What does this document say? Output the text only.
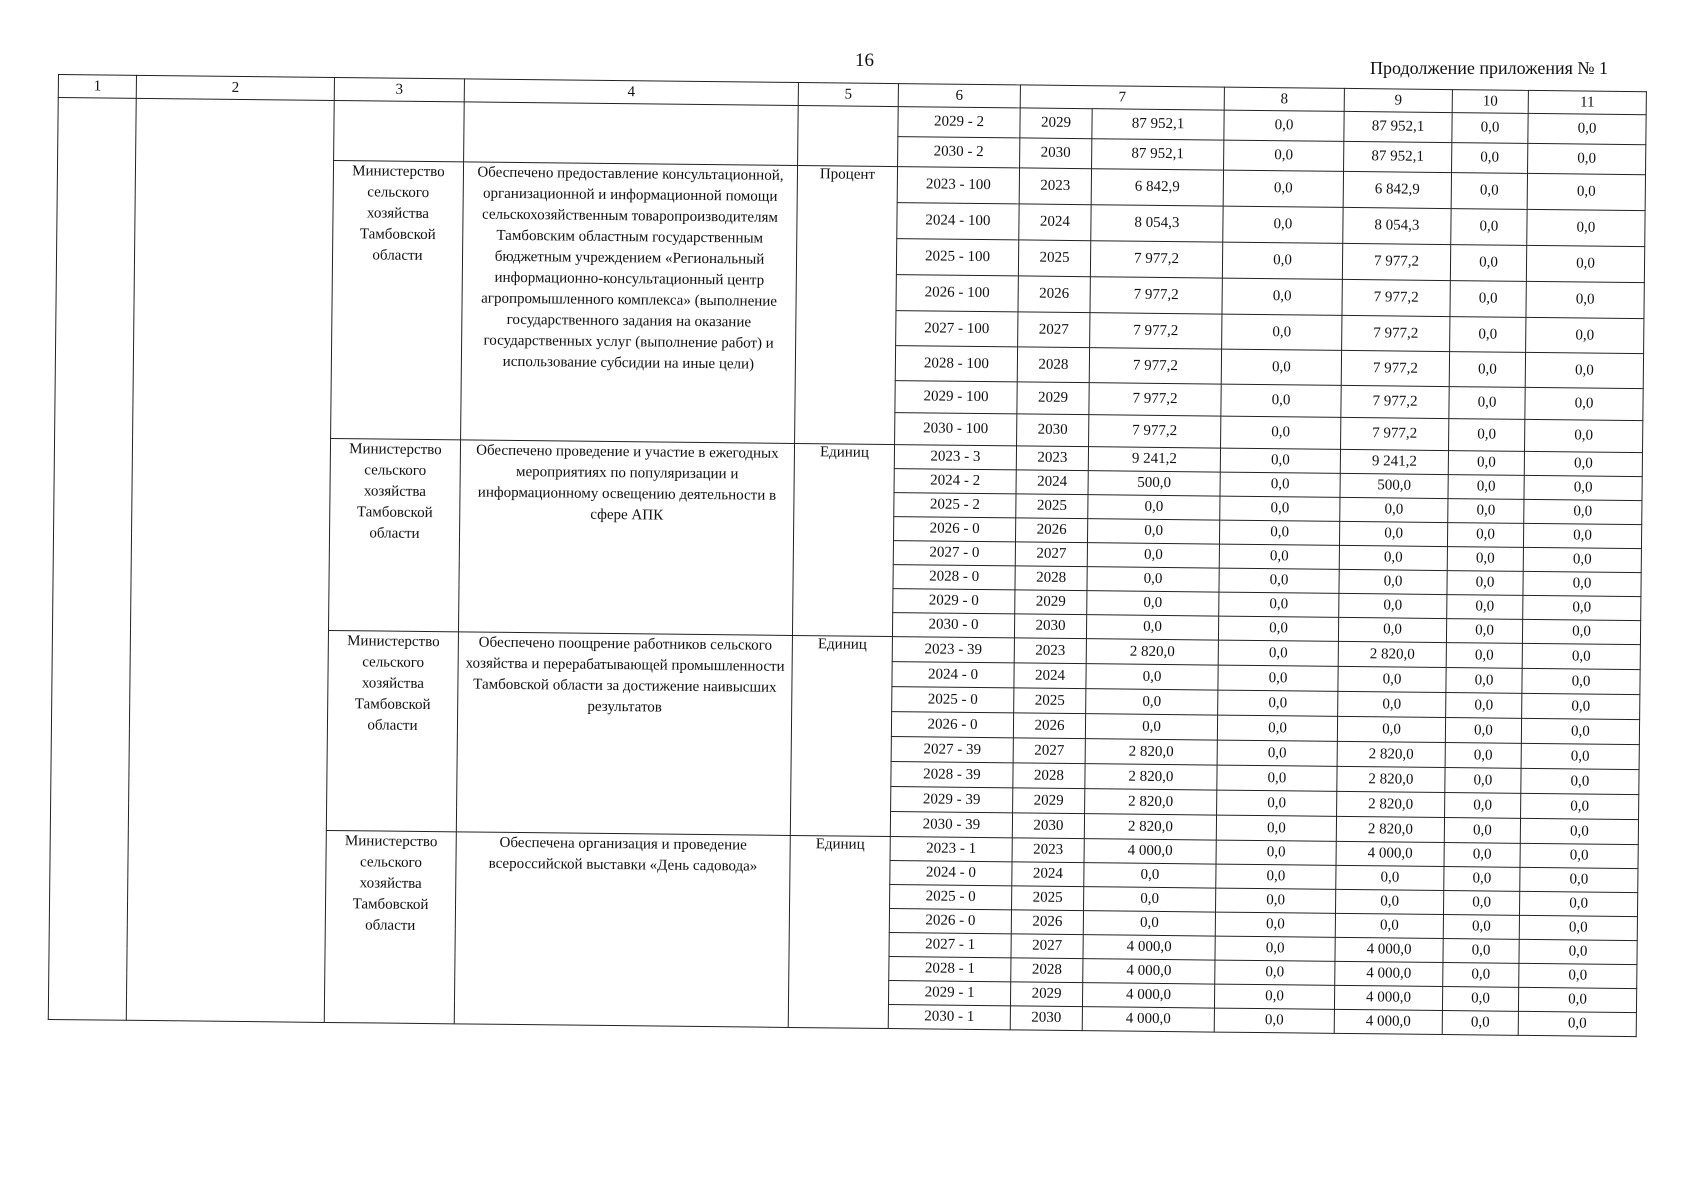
16	Продолжение приложения № 1
1	2	3	4	5	6	7		8	9	10	11
					2029 - 2	2029	87 952,1	0,0	87 952,1	0,0	0,0
					2030 - 2	2030	87 952,1	0,0	87 952,1	0,0	0,0
		Министерство сельского хозяйства Тамбовской области	Обеспечено предоставление консультационной, организационной и информационной помощи сельскохозяйственным товаропроизводителям Тамбовским областным государственным бюджетным учреждением «Региональный информационно-консультационный центр агропромышленного комплекса» (выполнение государственного задания на оказание государственных услуг (выполнение работ) и использование субсидии на иные цели)	Процент	2023 - 100	2023	6 842,9	0,0	6 842,9	0,0	0,0
					2024 - 100	2024	8 054,3	0,0	8 054,3	0,0	0,0
					2025 - 100	2025	7 977,2	0,0	7 977,2	0,0	0,0
					2026 - 100	2026	7 977,2	0,0	7 977,2	0,0	0,0
					2027 - 100	2027	7 977,2	0,0	7 977,2	0,0	0,0
					2028 - 100	2028	7 977,2	0,0	7 977,2	0,0	0,0
					2029 - 100	2029	7 977,2	0,0	7 977,2	0,0	0,0
					2030 - 100	2030	7 977,2	0,0	7 977,2	0,0	0,0
		Министерство сельского хозяйства Тамбовской области	Обеспечено проведение и участие в ежегодных мероприятиях по популяризации и информационному освещению деятельности в сфере АПК	Единиц	2023 - 3	2023	9 241,2	0,0	9 241,2	0,0	0,0
					2024 - 2	2024	500,0	0,0	500,0	0,0	0,0
					2025 - 2	2025	0,0	0,0	0,0	0,0	0,0
					2026 - 0	2026	0,0	0,0	0,0	0,0	0,0
					2027 - 0	2027	0,0	0,0	0,0	0,0	0,0
					2028 - 0	2028	0,0	0,0	0,0	0,0	0,0
					2029 - 0	2029	0,0	0,0	0,0	0,0	0,0
					2030 - 0	2030	0,0	0,0	0,0	0,0	0,0
		Министерство сельского хозяйства Тамбовской области	Обеспечено поощрение работников сельского хозяйства и перерабатывающей промышленности Тамбовской области за достижение наивысших результатов	Единиц	2023 - 39	2023	2 820,0	0,0	2 820,0	0,0	0,0
					2024 - 0	2024	0,0	0,0	0,0	0,0	0,0
					2025 - 0	2025	0,0	0,0	0,0	0,0	0,0
					2026 - 0	2026	0,0	0,0	0,0	0,0	0,0
					2027 - 39	2027	2 820,0	0,0	2 820,0	0,0	0,0
					2028 - 39	2028	2 820,0	0,0	2 820,0	0,0	0,0
					2029 - 39	2029	2 820,0	0,0	2 820,0	0,0	0,0
					2030 - 39	2030	2 820,0	0,0	2 820,0	0,0	0,0
		Министерство сельского хозяйства Тамбовской области	Обеспечена организация и проведение всероссийской выставки «День садовода»	Единиц	2023 - 1	2023	4 000,0	0,0	4 000,0	0,0	0,0
					2024 - 0	2024	0,0	0,0	0,0	0,0	0,0
					2025 - 0	2025	0,0	0,0	0,0	0,0	0,0
					2026 - 0	2026	0,0	0,0	0,0	0,0	0,0
					2027 - 1	2027	4 000,0	0,0	4 000,0	0,0	0,0
					2028 - 1	2028	4 000,0	0,0	4 000,0	0,0	0,0
					2029 - 1	2029	4 000,0	0,0	4 000,0	0,0	0,0
					2030 - 1	2030	4 000,0	0,0	4 000,0	0,0	0,0
